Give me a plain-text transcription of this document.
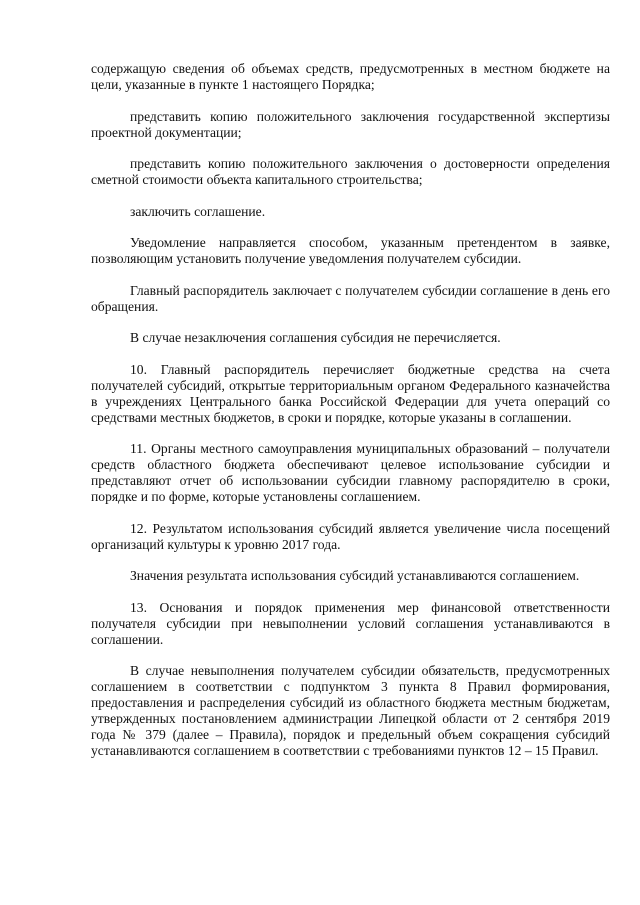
содержащую сведения об объемах средств, предусмотренных в местном бюджете на цели, указанные в пункте 1 настоящего Порядка;

представить копию положительного заключения государственной экспертизы проектной документации;

представить копию положительного заключения о достоверности определения сметной стоимости объекта капитального строительства;

заключить соглашение.

Уведомление направляется способом, указанным претендентом в заявке, позволяющим установить получение уведомления получателем субсидии.

Главный распорядитель заключает с получателем субсидии соглашение в день его обращения.

В случае незаключения соглашения субсидия не перечисляется.

10. Главный распорядитель перечисляет бюджетные средства на счета получателей субсидий, открытые территориальным органом Федерального казначейства в учреждениях Центрального банка Российской Федерации для учета операций со средствами местных бюджетов, в сроки и порядке, которые указаны в соглашении.

11. Органы местного самоуправления муниципальных образований – получатели средств областного бюджета обеспечивают целевое использование субсидии и представляют отчет об использовании субсидии главному распорядителю в сроки, порядке и по форме, которые установлены соглашением.

12. Результатом использования субсидий является увеличение числа посещений организаций культуры к уровню 2017 года.

Значения результата использования субсидий устанавливаются соглашением.

13. Основания и порядок применения мер финансовой ответственности получателя субсидии при невыполнении условий соглашения устанавливаются в соглашении.

В случае невыполнения получателем субсидии обязательств, предусмотренных соглашением в соответствии с подпунктом 3 пункта 8 Правил формирования, предоставления и распределения субсидий из областного бюджета местным бюджетам, утвержденных постановлением администрации Липецкой области от 2 сентября 2019 года № 379 (далее – Правила), порядок и предельный объем сокращения субсидий устанавливаются соглашением в соответствии с требованиями пунктов 12 – 15 Правил.
